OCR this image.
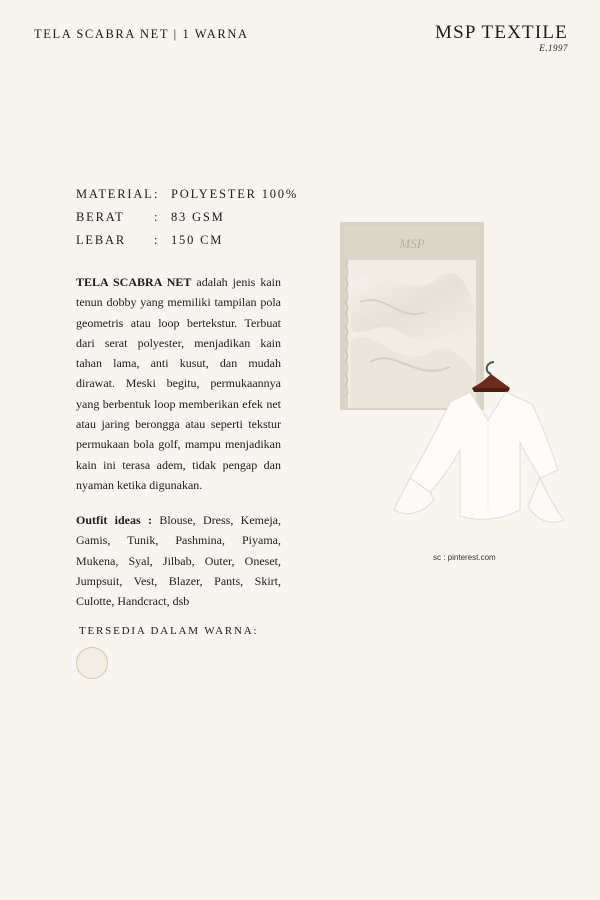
TELA SCABRA NET | 1 WARNA	MSP TEXTILE
E.1997
MATERIAL : POLYESTER 100%
BERAT	: 83 GSM
LEBAR	: 150 CM
TELA SCABRA NET adalah jenis kain tenun dobby yang memiliki tampilan pola geometris atau loop bertekstur. Terbuat dari serat polyester, menjadikan kain tahan lama, anti kusut, dan mudah dirawat. Meski begitu, permukaannya yang berbentuk loop memberikan efek net atau jaring berongga atau seperti tekstur permukaan bola golf, mampu menjadikan kain ini terasa adem, tidak pengap dan nyaman ketika digunakan.
Outfit ideas : Blouse, Dress, Kemeja, Gamis, Tunik, Pashmina, Piyama, Mukena, Syal, Jilbab, Outer, Oneset, Jumpsuit, Vest, Blazer, Pants, Skirt, Culotte, Handcract, dsb
TERSEDIA DALAM WARNA:
MSP
sc : pinterest.com
